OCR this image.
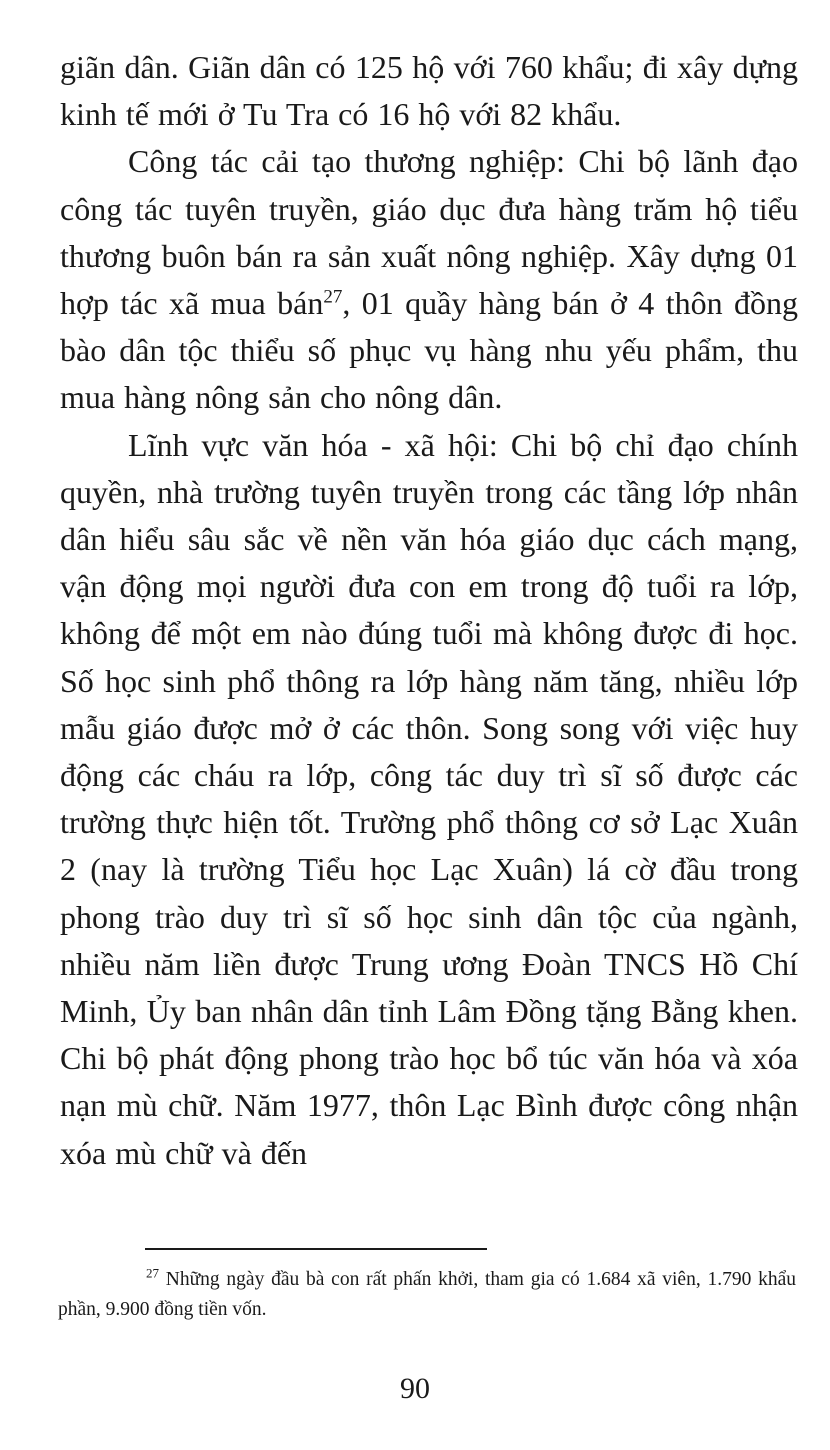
giãn dân. Giãn dân có 125 hộ với 760 khẩu; đi xây dựng kinh tế mới ở Tu Tra có 16 hộ với 82 khẩu.

Công tác cải tạo thương nghiệp: Chi bộ lãnh đạo công tác tuyên truyền, giáo dục đưa hàng trăm hộ tiểu thương buôn bán ra sản xuất nông nghiệp. Xây dựng 01 hợp tác xã mua bán$^{27}$, 01 quầy hàng bán ở 4 thôn đồng bào dân tộc thiểu số phục vụ hàng nhu yếu phẩm, thu mua hàng nông sản cho nông dân.

Lĩnh vực văn hóa - xã hội: Chi bộ chỉ đạo chính quyền, nhà trường tuyên truyền trong các tầng lớp nhân dân hiểu sâu sắc về nền văn hóa giáo dục cách mạng, vận động mọi người đưa con em trong độ tuổi ra lớp, không để một em nào đúng tuổi mà không được đi học. Số học sinh phổ thông ra lớp hàng năm tăng, nhiều lớp mẫu giáo được mở ở các thôn. Song song với việc huy động các cháu ra lớp, công tác duy trì sĩ số được các trường thực hiện tốt. Trường phổ thông cơ sở Lạc Xuân 2 (nay là trường Tiểu học Lạc Xuân) lá cờ đầu trong phong trào duy trì sĩ số học sinh dân tộc của ngành, nhiều năm liền được Trung ương Đoàn TNCS Hồ Chí Minh, Ủy ban nhân dân tỉnh Lâm Đồng tặng Bằng khen. Chi bộ phát động phong trào học bổ túc văn hóa và xóa nạn mù chữ. Năm 1977, thôn Lạc Bình được công nhận xóa mù chữ và đến

$^{27}$ Những ngày đầu bà con rất phấn khởi, tham gia có 1.684 xã viên, 1.790 khẩu phần, 9.900 đồng tiền vốn.
90
